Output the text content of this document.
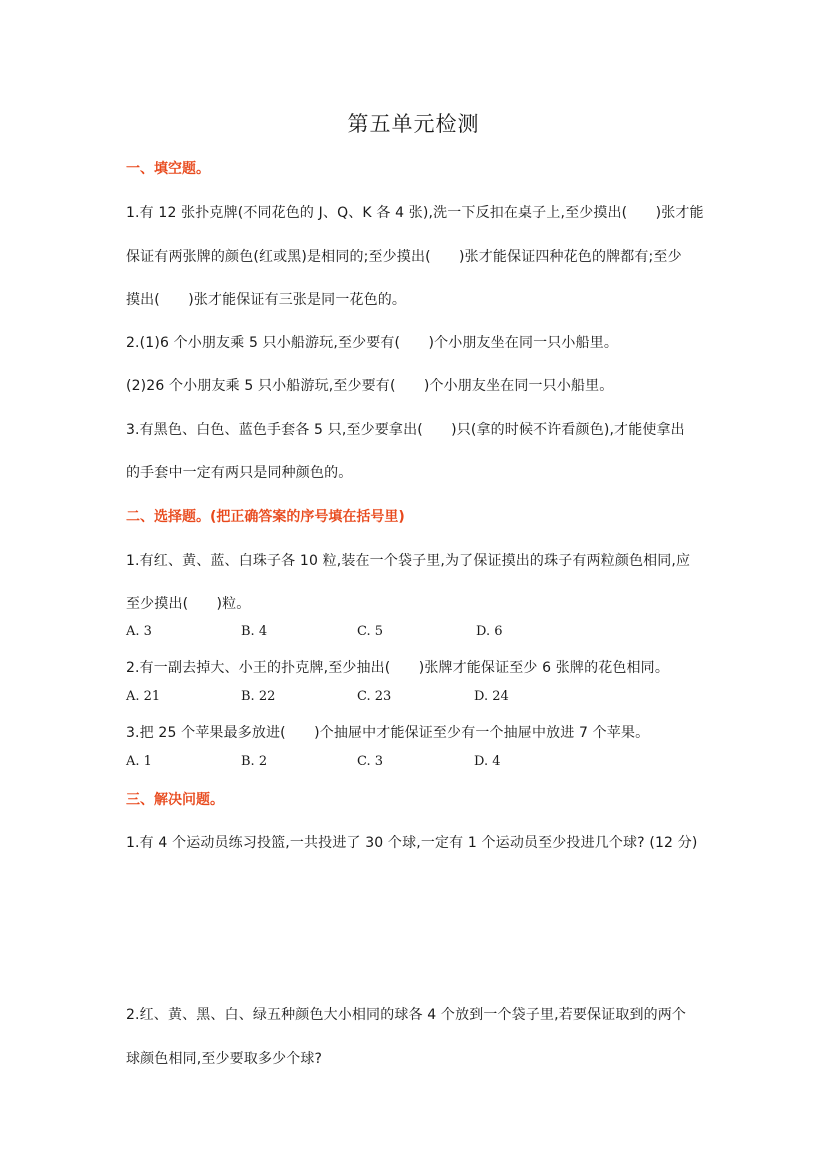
第五单元检测
一、填空题。
1.有 12 张扑克牌(不同花色的 J、Q、K 各 4 张),洗一下反扣在桌子上,至少摸出(　　)张才能
保证有两张牌的颜色(红或黑)是相同的;至少摸出(　　)张才能保证四种花色的牌都有;至少
摸出(　　)张才能保证有三张是同一花色的。
2.(1)6 个小朋友乘 5 只小船游玩,至少要有(　　)个小朋友坐在同一只小船里。
(2)26 个小朋友乘 5 只小船游玩,至少要有(　　)个小朋友坐在同一只小船里。
3.有黑色、白色、蓝色手套各 5 只,至少要拿出(　　)只(拿的时候不许看颜色),才能使拿出
的手套中一定有两只是同种颜色的。
二、选择题。(把正确答案的序号填在括号里)
1.有红、黄、蓝、白珠子各 10 粒,装在一个袋子里,为了保证摸出的珠子有两粒颜色相同,应
至少摸出(　　)粒。
A. 3	B. 4	C. 5	D. 6
2.有一副去掉大、小王的扑克牌,至少抽出(　　)张牌才能保证至少 6 张牌的花色相同。
A. 21	B. 22	C. 23	D. 24
3.把 25 个苹果最多放进(　　)个抽屉中才能保证至少有一个抽屉中放进 7 个苹果。
A. 1	B. 2	C. 3	D. 4
三、解决问题。
1.有 4 个运动员练习投篮,一共投进了 30 个球,一定有 1 个运动员至少投进几个球? (12 分)
2.红、黄、黑、白、绿五种颜色大小相同的球各 4 个放到一个袋子里,若要保证取到的两个
球颜色相同,至少要取多少个球?
